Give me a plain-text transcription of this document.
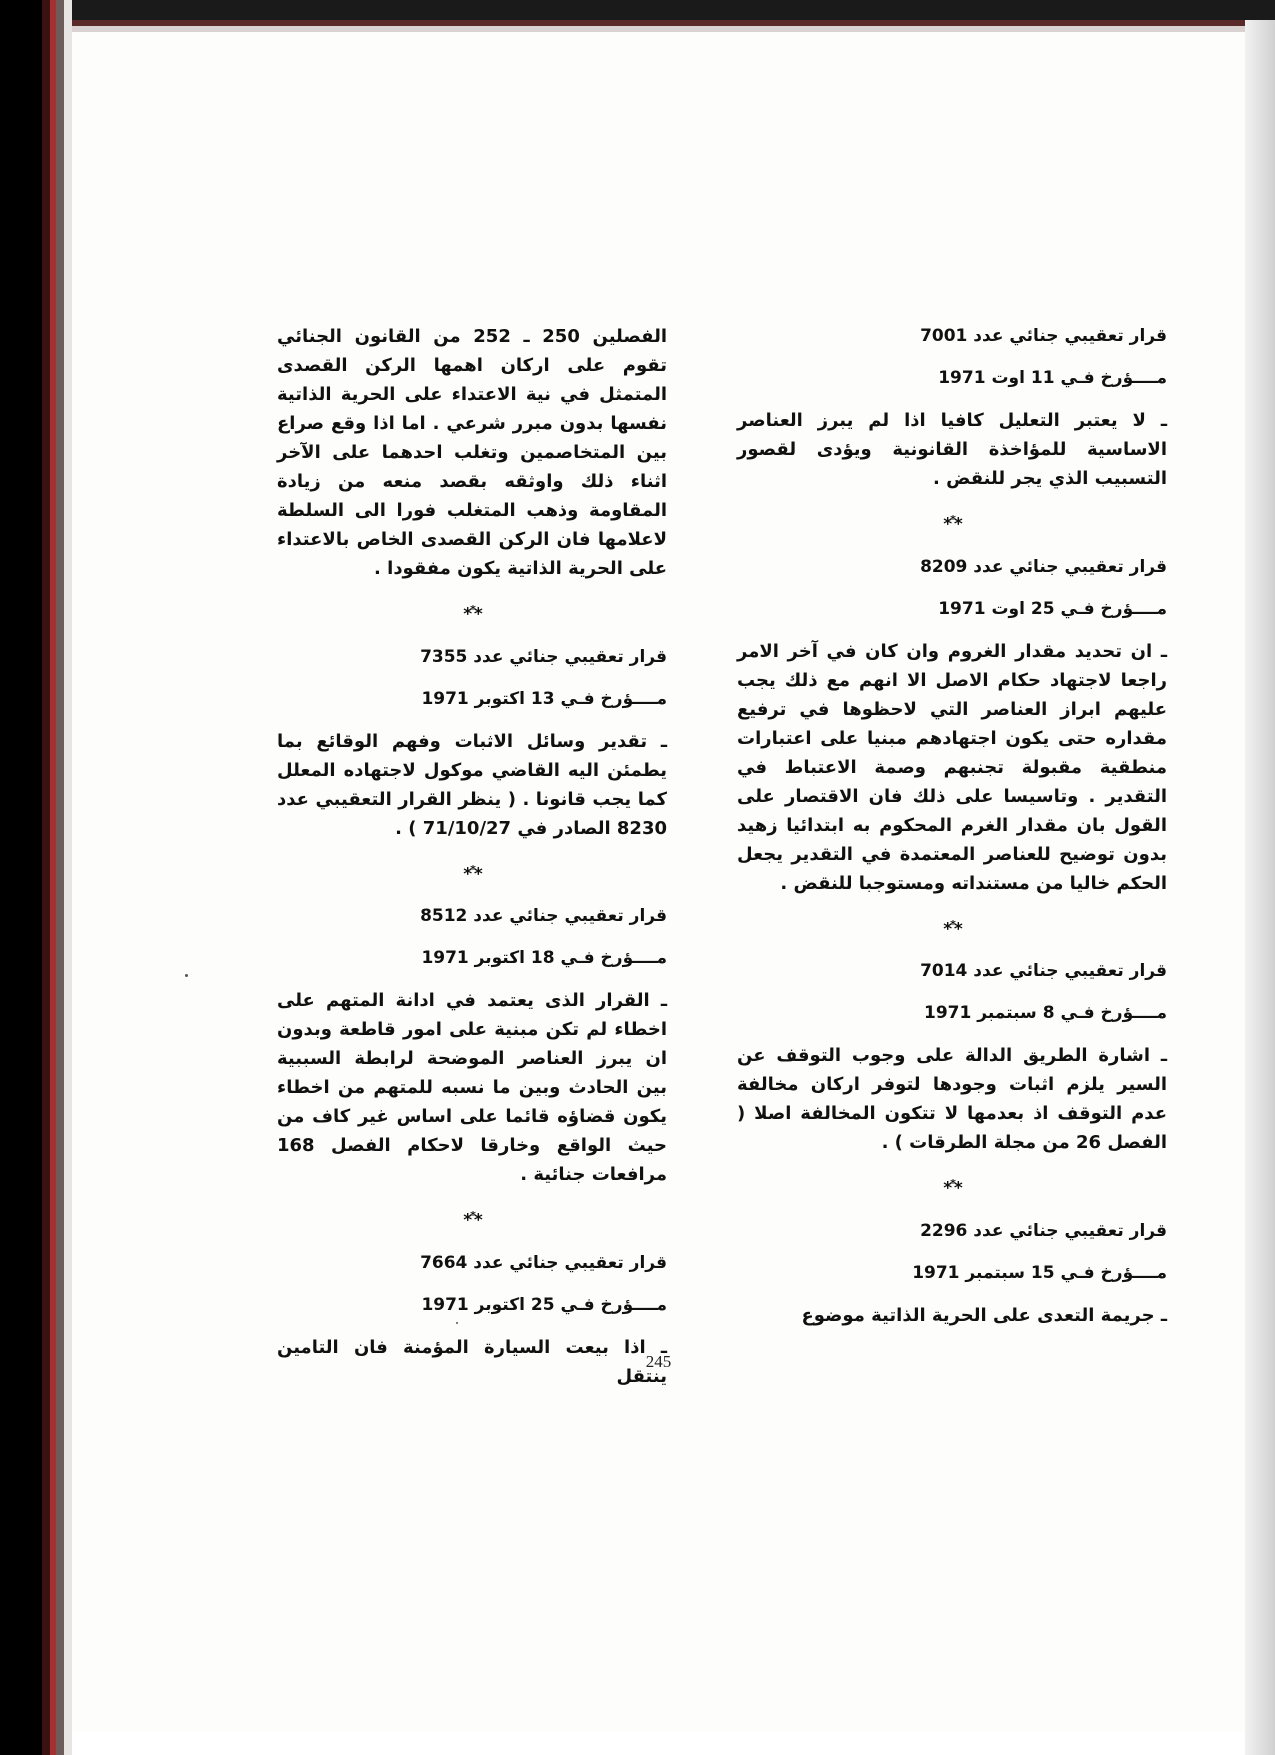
قرار تعقيبي جنائي عدد 7001

مــــؤرخ فـي 11 اوت 1971

ـ لا يعتبر التعليل كافيا اذا لم يبرز العناصر الاساسية للمؤاخذة القانونية ويؤدى لقصور التسبيب الذي يجر للنقض .

***

قرار تعقيبي جنائي عدد 8209

مــــؤرخ فـي 25 اوت 1971

ـ ان تحديد مقدار الغروم وان كان في آخر الامر راجعا لاجتهاد حكام الاصل الا انهم مع ذلك يجب عليهم ابراز العناصر التي لاحظوها في ترفيع مقداره حتى يكون اجتهادهم مبنيا على اعتبارات منطقية مقبولة تجنبهم وصمة الاعتباط في التقدير . وتاسيسا على ذلك فان الاقتصار على القول بان مقدار الغرم المحكوم به ابتدائيا زهيد بدون توضيح للعناصر المعتمدة في التقدير يجعل الحكم خاليا من مستنداته ومستوجبا للنقض .

***

قرار تعقيبي جنائي عدد 7014

مــــؤرخ فـي 8 سبتمبر 1971

ـ اشارة الطريق الدالة على وجوب التوقف عن السير يلزم اثبات وجودها لتوفر اركان مخالفة عدم التوقف اذ بعدمها لا تتكون المخالفة اصلا ( الفصل 26 من مجلة الطرقات ) .

***

قرار تعقيبي جنائي عدد 2296

مــــؤرخ فـي 15 سبتمبر 1971

ـ جريمة التعدى على الحرية الذاتية موضوع

الفصلين 250 ـ 252 من القانون الجنائي تقوم على اركان اهمها الركن القصدى المتمثل في نية الاعتداء على الحرية الذاتية نفسها بدون مبرر شرعي . اما اذا وقع صراع بين المتخاصمين وتغلب احدهما على الآخر اثناء ذلك واوثقه بقصد منعه من زيادة المقاومة وذهب المتغلب فورا الى السلطة لاعلامها فان الركن القصدى الخاص بالاعتداء على الحرية الذاتية يكون مفقودا .

***

قرار تعقيبي جنائي عدد 7355

مــــؤرخ فـي 13 اكتوبر 1971

ـ تقدير وسائل الاثبات وفهم الوقائع بما يطمئن اليه القاضي موكول لاجتهاده المعلل كما يجب قانونا . ( ينظر القرار التعقيبي عدد 8230 الصادر في 71/10/27 ) .

***

قرار تعقيبي جنائي عدد 8512

مــــؤرخ فـي 18 اكتوبر 1971

ـ القرار الذى يعتمد في ادانة المتهم على اخطاء لم تكن مبنية على امور قاطعة وبدون ان يبرز العناصر الموضحة لرابطة السببية بين الحادث وبين ما نسبه للمتهم من اخطاء يكون قضاؤه قائما على اساس غير كاف من حيث الواقع وخارقا لاحكام الفصل 168 مرافعات جنائية .

***

قرار تعقيبي جنائي عدد 7664

مــــؤرخ فـي 25 اكتوبر 1971

ـ اذا بيعت السيارة المؤمنة فان التامين ينتقل

245
